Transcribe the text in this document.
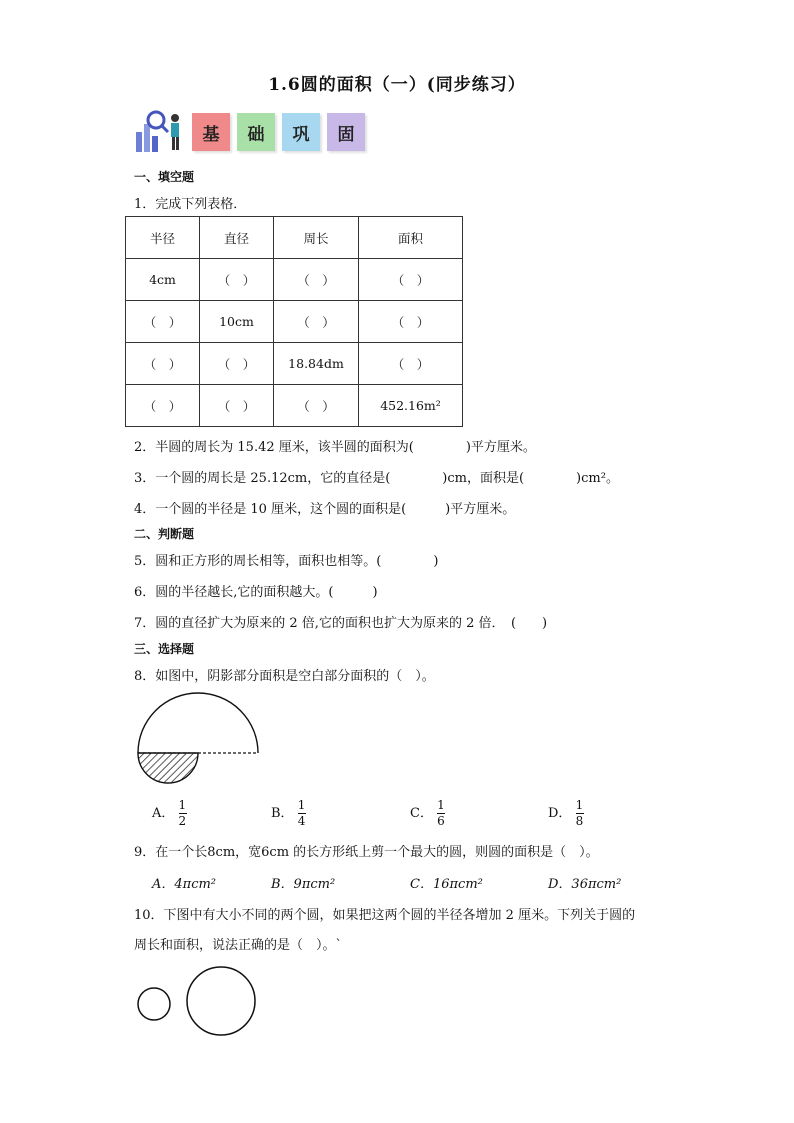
1.6圆的面积（一）(同步练习）
基	础	巩	固
一、填空题
1．完成下列表格．
半径	直径	周长	面积
4cm	（　）	（　）	（　）
（　）	10cm	（　）	（　）
（　）	（　）	18.84dm	（　）
（　）	（　）	（　）	452.16m²
2．半圆的周长为 15.42 厘米，该半圆的面积为(　　　　)平方厘米。
3．一个圆的周长是 25.12cm，它的直径是(　　　　)cm，面积是(　　　　)cm²。
4．一个圆的半径是 10 厘米，这个圆的面积是(　　　)平方厘米。
二、判断题
5．圆和正方形的周长相等，面积也相等。(　　　　)
6．圆的半径越长,它的面积越大。(　　　)
7．圆的直径扩大为原来的 2 倍,它的面积也扩大为原来的 2 倍．　(　　)
三、选择题
8．如图中，阴影部分面积是空白部分面积的（　）。
A． $\frac{1}{2}$	B． $\frac{1}{4}$	C． $\frac{1}{6}$	D． $\frac{1}{8}$
9．在一个长8cm，宽6cm 的长方形纸上剪一个最大的圆，则圆的面积是（　）。
A．4πcm²	B．9πcm²	C．16πcm²	D．36πcm²
10．下图中有大小不同的两个圆，如果把这两个圆的半径各增加 2 厘米。下列关于圆的
周长和面积，说法正确的是（　）。`
